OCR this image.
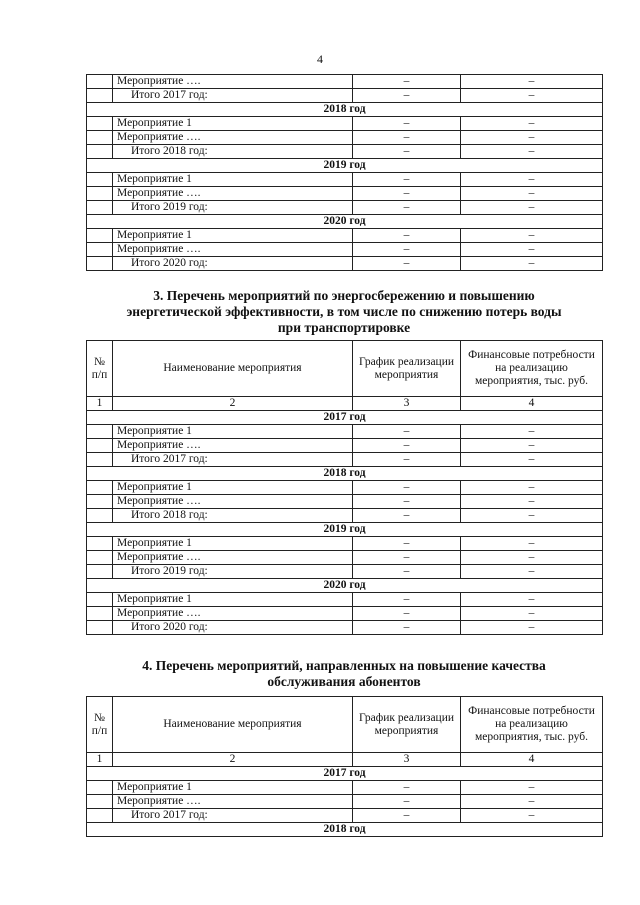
4
	Мероприятие ….	–	–
	Итого 2017 год:	–	–
2018 год			
	Мероприятие 1	–	–
	Мероприятие ….	–	–
	Итого 2018 год:	–	–
2019 год			
	Мероприятие 1	–	–
	Мероприятие ….	–	–
	Итого 2019 год:	–	–
2020 год			
	Мероприятие 1	–	–
	Мероприятие ….	–	–
	Итого 2020 год:	–	–
3. Перечень мероприятий по энергосбережению и повышению
энергетической эффективности, в том числе по снижению потерь воды
при транспортировке
№ п/п	Наименование мероприятия	График реализации мероприятия	Финансовые потребности на реализацию мероприятия, тыс. руб.
1	2	3	4
2017 год			
	Мероприятие 1	–	–
	Мероприятие ….	–	–
	Итого 2017 год:	–	–
2018 год			
	Мероприятие 1	–	–
	Мероприятие ….	–	–
	Итого 2018 год:	–	–
2019 год			
	Мероприятие 1	–	–
	Мероприятие ….	–	–
	Итого 2019 год:	–	–
2020 год			
	Мероприятие 1	–	–
	Мероприятие ….	–	–
	Итого 2020 год:	–	–
4. Перечень мероприятий, направленных на повышение качества
обслуживания абонентов
№ п/п	Наименование мероприятия	График реализации мероприятия	Финансовые потребности на реализацию мероприятия, тыс. руб.
1	2	3	4
2017 год			
	Мероприятие 1	–	–
	Мероприятие ….	–	–
	Итого 2017 год:	–	–
2018 год			
